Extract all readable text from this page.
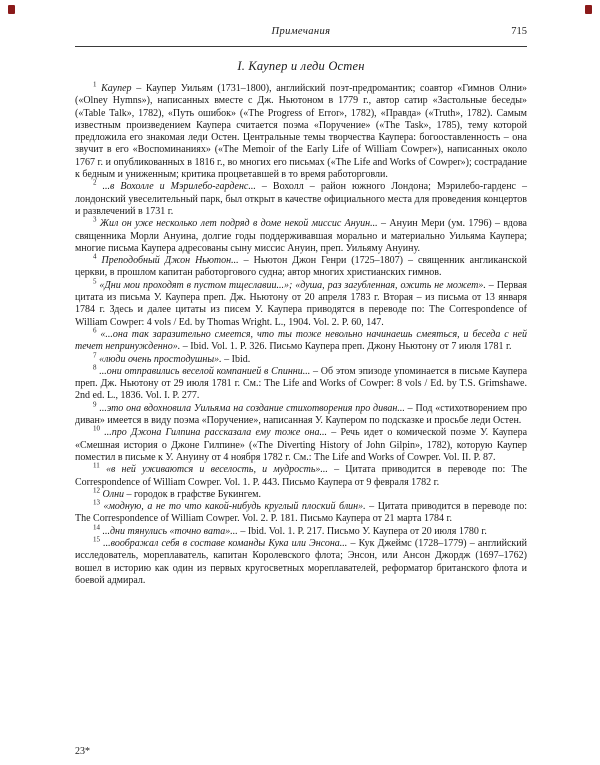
Примечания	715
I. Каупер и леди Остен

$^1$ Каупер – Каупер Уильям (1731–1800), английский поэт-предромантик; соавтор «Гимнов Олни» («Olney Hymns»), написанных вместе с Дж. Ньютоном в 1779 г., автор сатир «Застольные беседы» («Table Talk», 1782), «Путь ошибок» («The Progress of Error», 1782), «Правда» («Truth», 1782). Самым известным произведением Каупера считается поэма «Поручение» («The Task», 1785), тему которой предложила его знакомая леди Остен. Центральные темы творчества Каупера: богооставленность – она звучит в его «Воспоминаниях» («The Memoir of the Early Life of William Cowper»), написанных около 1767 г. и опубликованных в 1816 г., во многих его письмах («The Life and Works of Cowper»); сострадание к бедным и униженным; критика процветавшей в то время работорговли.

$^2$ ...в Вохолле и Мэрилебо-гарденс... – Вохолл – район южного Лондона; Мэрилебо-гарденс – лондонский увеселительный парк, был открыт в качестве официального места для проведения концертов и развлечений в 1731 г.

$^3$ Жил он уже несколько лет подряд в доме некой миссис Ануин... – Ануин Мери (ум. 1796) – вдова священника Морли Ануина, долгие годы поддерживавшая морально и материально Уильяма Каупера; многие письма Каупера адресованы сыну миссис Ануин, преп. Уильяму Ануину.

$^4$ Преподобный Джон Ньютон... – Ньютон Джон Генри (1725–1807) – священник англиканской церкви, в прошлом капитан работоргового судна; автор многих христианских гимнов.

$^5$ «Дни мои проходят в пустом тщеславии...»; «душа, раз загубленная, ожить не может». – Первая цитата из письма У. Каупера преп. Дж. Ньютону от 20 апреля 1783 г. Вторая – из письма от 13 января 1784 г. Здесь и далее цитаты из писем У. Каупера приводятся в переводе по: The Correspondence of William Cowper: 4 vols / Ed. by Thomas Wright. L., 1904. Vol. 2. P. 60, 147.

$^6$ «...она так заразительно смеется, что ты тоже невольно начинаешь смеяться, и беседа с ней течет непринужденно». – Ibid. Vol. 1. P. 326. Письмо Каупера преп. Джону Ньютону от 7 июля 1781 г.

$^7$ «люди очень простодушны». – Ibid.

$^8$ ...они отправились веселой компанией в Спинни... – Об этом эпизоде упоминается в письме Каупера преп. Дж. Ньютону от 29 июля 1781 г. См.: The Life and Works of Cowper: 8 vols / Ed. by T.S. Grimshawe. 2nd ed. L., 1836. Vol. I. P. 277.

$^9$ ...это она вдохновила Уильяма на создание стихотворения про диван... – Под «стихотворением про диван» имеется в виду поэма «Поручение», написанная У. Каупером по подсказке и просьбе леди Остен.

$^{10}$ ...про Джона Гилпина рассказала ему тоже она... – Речь идет о комической поэме У. Каупера «Смешная история о Джоне Гилпине» («The Diverting History of John Gilpin», 1782), которую Каупер поместил в письме к У. Ануину от 4 ноября 1782 г. См.: The Life and Works of Cowper. Vol. II. P. 87.

$^{11}$ «в ней уживаются и веселость, и мудрость»... – Цитата приводится в переводе по: The Correspondence of William Cowper. Vol. 1. P. 443. Письмо Каупера от 9 февраля 1782 г.

$^{12}$ Олни – городок в графстве Букингем.

$^{13}$ «модную, а не то что какой-нибудь круглый плоский блин». – Цитата приводится в переводе по: The Correspondence of William Cowper. Vol. 2. P. 181. Письмо Каупера от 21 марта 1784 г.

$^{14}$ ...дни тянулись «точно вата»... – Ibid. Vol. 1. P. 217. Письмо У. Каупера от 20 июля 1780 г.

$^{15}$ ...воображал себя в составе команды Кука или Энсона... – Кук Джеймс (1728–1779) – английский исследователь, мореплаватель, капитан Королевского флота; Энсон, или Ансон Джордж (1697–1762) вошел в историю как один из первых кругосветных мореплавателей, реформатор британского флота и боевой адмирал.

23*
